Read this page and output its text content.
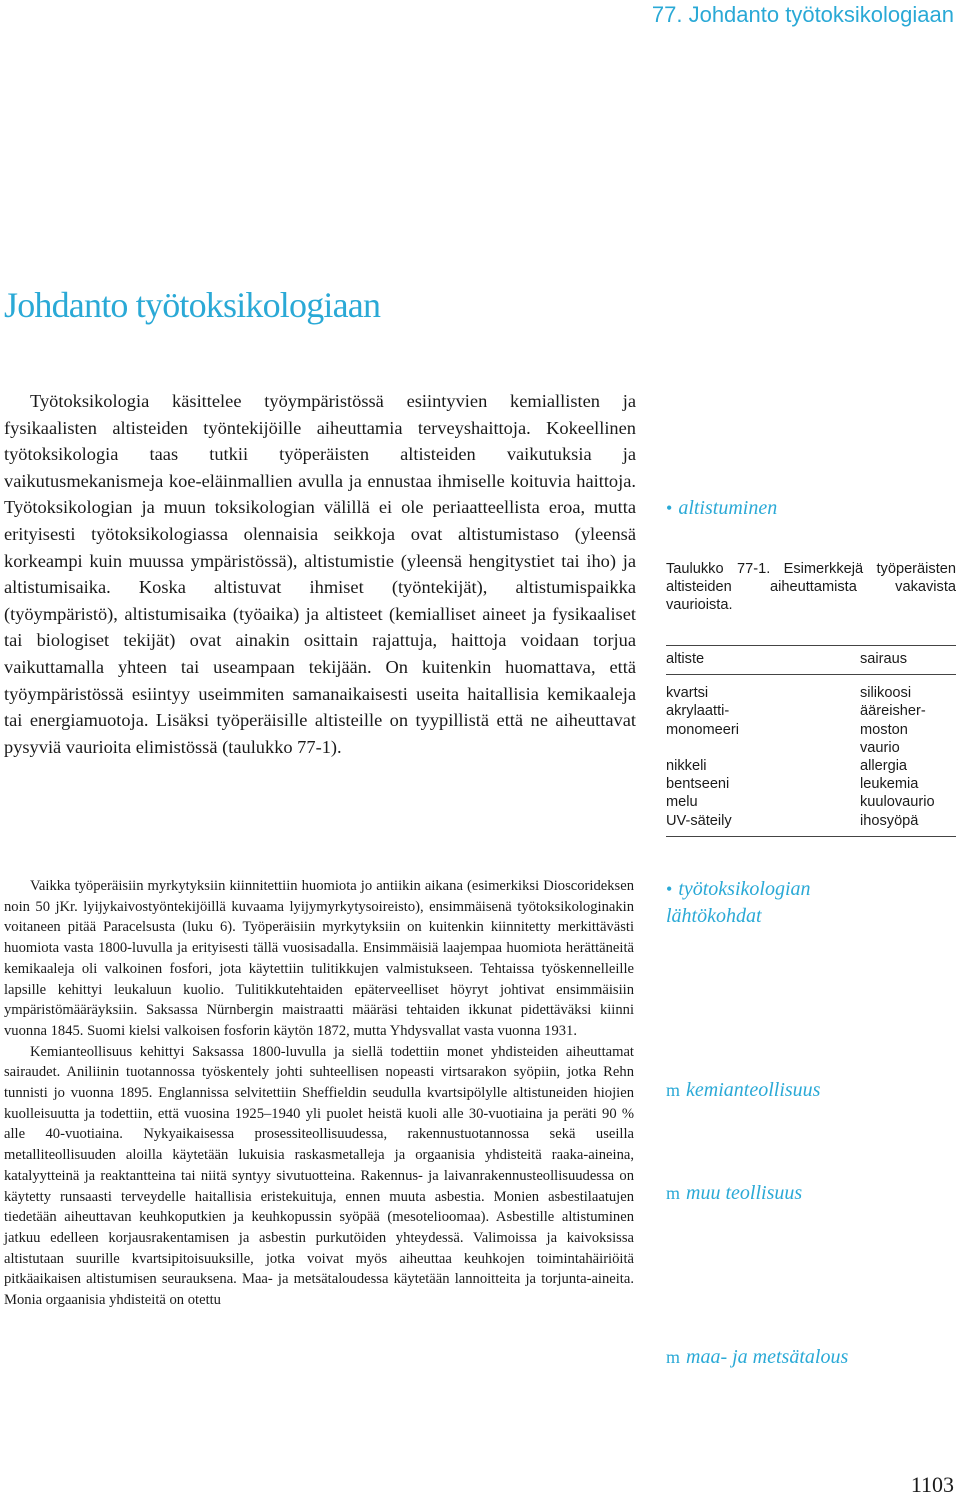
77. Johdanto työtoksikologiaan
Johdanto työtoksikologiaan

Työtoksikologia käsittelee työympäristössä esiintyvien kemiallisten ja fysikaalisten altisteiden työntekijöille aiheuttamia terveyshaittoja. Kokeellinen työtoksikologia taas tutkii työperäisten altisteiden vaikutuksia ja vaikutusmekanismeja koe-eläinmallien avulla ja ennustaa ihmiselle koituvia haittoja. Työtoksikologian ja muun toksikologian välillä ei ole periaatteellista eroa, mutta erityisesti työtoksikologiassa olennaisia seikkoja ovat altistumistaso (yleensä korkeampi kuin muussa ympäristössä), altistumistie (yleensä hengitystiet tai iho) ja altistumisaika. Koska altistuvat ihmiset (työntekijät), altistumispaikka (työympäristö), altistumisaika (työaika) ja altisteet (kemialliset aineet ja fysikaaliset tai biologiset tekijät) ovat ainakin osittain rajattuja, haittoja voidaan torjua vaikuttamalla yhteen tai useampaan tekijään. On kuitenkin huomattava, että työympäristössä esiintyy useimmiten samanaikaisesti useita haitallisia kemikaaleja tai energiamuotoja. Lisäksi työperäisille altisteille on tyypillistä että ne aiheuttavat pysyviä vaurioita elimistössä (taulukko 77-1).

Vaikka työperäisiin myrkytyksiin kiinnitettiin huomiota jo antiikin aikana (esimerkiksi Dioscorideksen noin 50 jKr. lyijykaivostyöntekijöillä kuvaama lyijymyrkytysoireisto), ensimmäisenä työtoksikologinakin voitaneen pitää Paracelsusta (luku 6). Työperäisiin myrkytyksiin on kuitenkin kiinnitetty merkittävästi huomiota vasta 1800-luvulla ja erityisesti tällä vuosisadalla. Ensimmäisiä laajempaa huomiota herättäneitä kemikaaleja oli valkoinen fosfori, jota käytettiin tulitikkujen valmistukseen. Tehtaissa työskennelleille lapsille kehittyi leukaluun kuolio. Tulitikkutehtaiden epäterveelliset höyryt johtivat ensimmäisiin ympäristömääräyksiin. Saksassa Nürnbergin maistraatti määräsi tehtaiden ikkunat pidettäväksi kiinni vuonna 1845. Suomi kielsi valkoisen fosforin käytön 1872, mutta Yhdysvallat vasta vuonna 1931.

Kemianteollisuus kehittyi Saksassa 1800-luvulla ja siellä todettiin monet yhdisteiden aiheuttamat sairaudet. Aniliinin tuotannossa työskentely johti suhteellisen nopeasti virtsarakon syöpiin, jotka Rehn tunnisti jo vuonna 1895. Englannissa selvitettiin Sheffieldin seudulla kvartsipölylle altistuneiden hiojien kuolleisuutta ja todettiin, että vuosina 1925–1940 yli puolet heistä kuoli alle 30-vuotiaina ja peräti 90 % alle 40-vuotiaina. Nykyaikaisessa prosessiteollisuudessa, rakennustuotannossa sekä useilla metalliteollisuuden aloilla käytetään lukuisia raskasmetalleja ja orgaanisia yhdisteitä raaka-aineina, katalyytteinä ja reaktantteina tai niitä syntyy sivutuotteina. Rakennus- ja laivanrakennusteollisuudessa on käytetty runsaasti terveydelle haitallisia eristekuituja, ennen muuta asbestia. Monien asbestilaatujen tiedetään aiheuttavan keuhkoputkien ja keuhkopussin syöpää (mesotelioomaa). Asbestille altistuminen jatkuu edelleen korjausrakentamisen ja asbestin purkutöiden yhteydessä. Valimoissa ja kaivoksissa altistutaan suurille kvartsipitoisuuksille, jotka voivat myös aiheuttaa keuhkojen toimintahäiriöitä pitkäaikaisen altistumisen seurauksena. Maa- ja metsätaloudessa käytetään lannoitteita ja torjunta-aineita. Monia orgaanisia yhdisteitä on otettu

• altistuminen
Taulukko 77-1. Esimerkkejä työperäisten altisteiden aiheuttamista vakavista vaurioista.
altiste	sairaus
kvartsi
akrylaatti-
monomeeri

nikkeli
bentseeni
melu
UV-säteily
silikoosi
ääreisher-
moston
vaurio
allergia
leukemia
kuulovaurio
ihosyöpä
• työtoksikologian lähtökohdat
m kemianteollisuus
m muu teollisuus
m maa- ja metsätalous
1103
